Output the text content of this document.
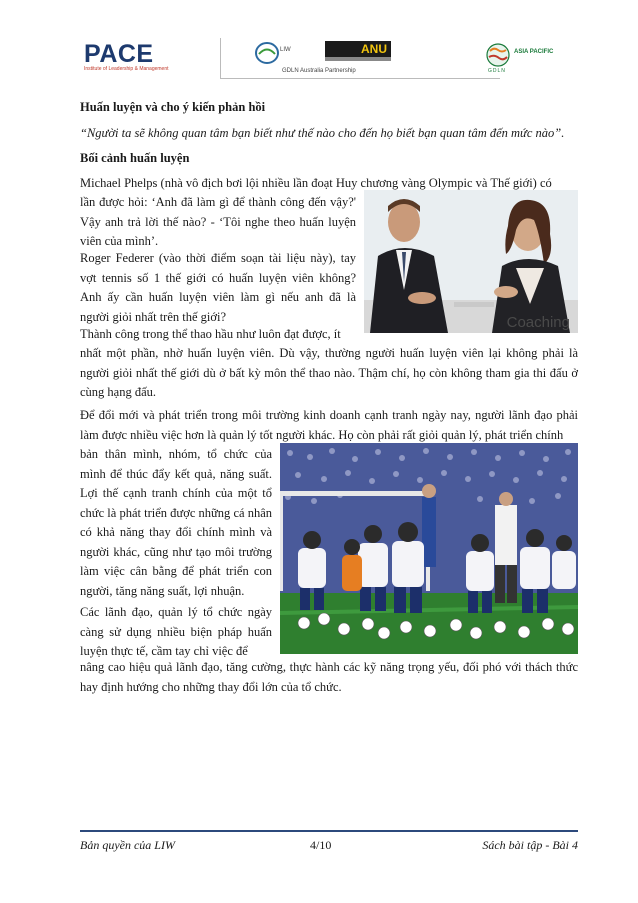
PACE
Institute of Leadership & Management
LIW	ANU
GDLN Australia Partnership
ASIA PACIFIC
GDLN
Huấn luyện và cho ý kiến phản hồi
“Người ta sẽ không quan tâm bạn biết như thế nào cho đến họ biết bạn quan tâm đến mức nào”.
Bối cảnh huấn luyện
Michael Phelps (nhà vô địch bơi lội nhiều lần đoạt Huy chương vàng Olympic và Thế giới) có
lần được hỏi: ‘Anh đã làm gì để thành công đến vậy?' Vậy anh trả lời thế nào? - ‘Tôi nghe theo huấn luyện viên của mình’.
Roger Federer (vào thời điểm soạn tài liệu này), tay vợt tennis số 1 thế giới có huấn luyện viên không? Anh ấy cần huấn luyện viên làm gì nếu anh đã là người giỏi nhất trên thế giới?
Thành công trong thể thao hầu như luôn đạt được, ít
nhất một phần, nhờ huấn luyện viên. Dù vậy, thường người huấn luyện viên lại không phải là người giỏi nhất thế giới dù ở bất kỳ môn thể thao nào. Thậm chí, họ còn không tham gia thi đấu ở cùng hạng đấu.
Để đổi mới và phát triển trong môi trường kinh doanh cạnh tranh ngày nay, người lãnh đạo phải làm được nhiều việc hơn là quản lý tốt người khác. Họ còn phải rất giỏi quản lý, phát triển chính
bản thân mình, nhóm, tổ chức của mình để thúc đẩy kết quả, năng suất. Lợi thế cạnh tranh chính của một tổ chức là phát triển được những cá nhân có khả năng thay đổi chính mình và người khác, cũng như tạo môi trường làm việc cân bằng để phát triển con người, tăng năng suất, lợi nhuận.
Các lãnh đạo, quản lý tổ chức ngày càng sử dụng nhiều biện pháp huấn luyện thực tế, cầm tay chỉ việc để
nâng cao hiệu quả lãnh đạo, tăng cường, thực hành các kỹ năng trọng yếu, đối phó với thách thức hay định hướng cho những thay đổi lớn của tổ chức.
Coaching
Bản quyền của LIW	4/10	Sách bài tập - Bài 4
